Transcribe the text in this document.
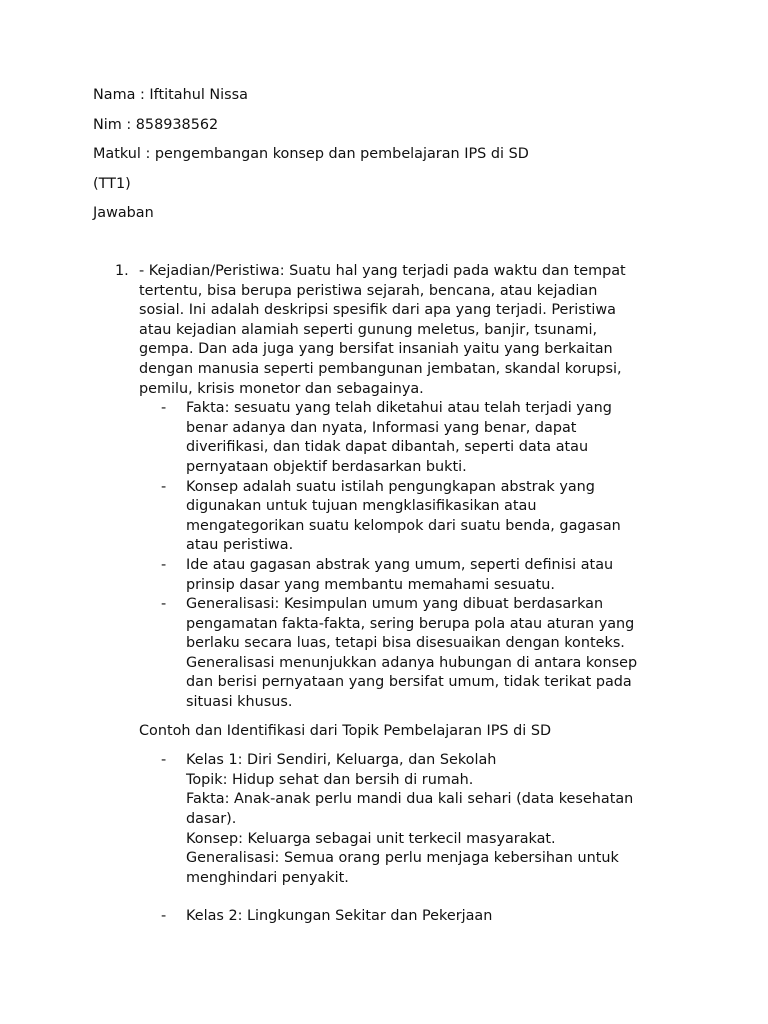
Nama : Iftitahul Nissa

Nim : 858938562

Matkul : pengembangan konsep dan pembelajaran IPS di SD

(TT1)

Jawaban

1. - Kejadian/Peristiwa: Suatu hal yang terjadi pada waktu dan tempat
tertentu, bisa berupa peristiwa sejarah, bencana, atau kejadian
sosial. Ini adalah deskripsi spesifik dari apa yang terjadi. Peristiwa
atau kejadian alamiah seperti gunung meletus, banjir, tsunami,
gempa. Dan ada juga yang bersifat insaniah yaitu yang berkaitan
dengan manusia seperti pembangunan jembatan, skandal korupsi,
pemilu, krisis monetor dan sebagainya.

- Fakta: sesuatu yang telah diketahui atau telah terjadi yang
benar adanya dan nyata, Informasi yang benar, dapat
diverifikasi, dan tidak dapat dibantah, seperti data atau
pernyataan objektif berdasarkan bukti.
- Konsep adalah suatu istilah pengungkapan abstrak yang
digunakan untuk tujuan mengklasifikasikan atau
mengategorikan suatu kelompok dari suatu benda, gagasan
atau peristiwa.
- Ide atau gagasan abstrak yang umum, seperti definisi atau
prinsip dasar yang membantu memahami sesuatu.
- Generalisasi: Kesimpulan umum yang dibuat berdasarkan
pengamatan fakta-fakta, sering berupa pola atau aturan yang
berlaku secara luas, tetapi bisa disesuaikan dengan konteks.
Generalisasi menunjukkan adanya hubungan di antara konsep
dan berisi pernyataan yang bersifat umum, tidak terikat pada
situasi khusus.

Contoh dan Identifikasi dari Topik Pembelajaran IPS di SD

- Kelas 1: Diri Sendiri, Keluarga, dan Sekolah
Topik: Hidup sehat dan bersih di rumah.
Fakta: Anak-anak perlu mandi dua kali sehari (data kesehatan
dasar).
Konsep: Keluarga sebagai unit terkecil masyarakat.
Generalisasi: Semua orang perlu menjaga kebersihan untuk
menghindari penyakit.
- Kelas 2: Lingkungan Sekitar dan Pekerjaan
